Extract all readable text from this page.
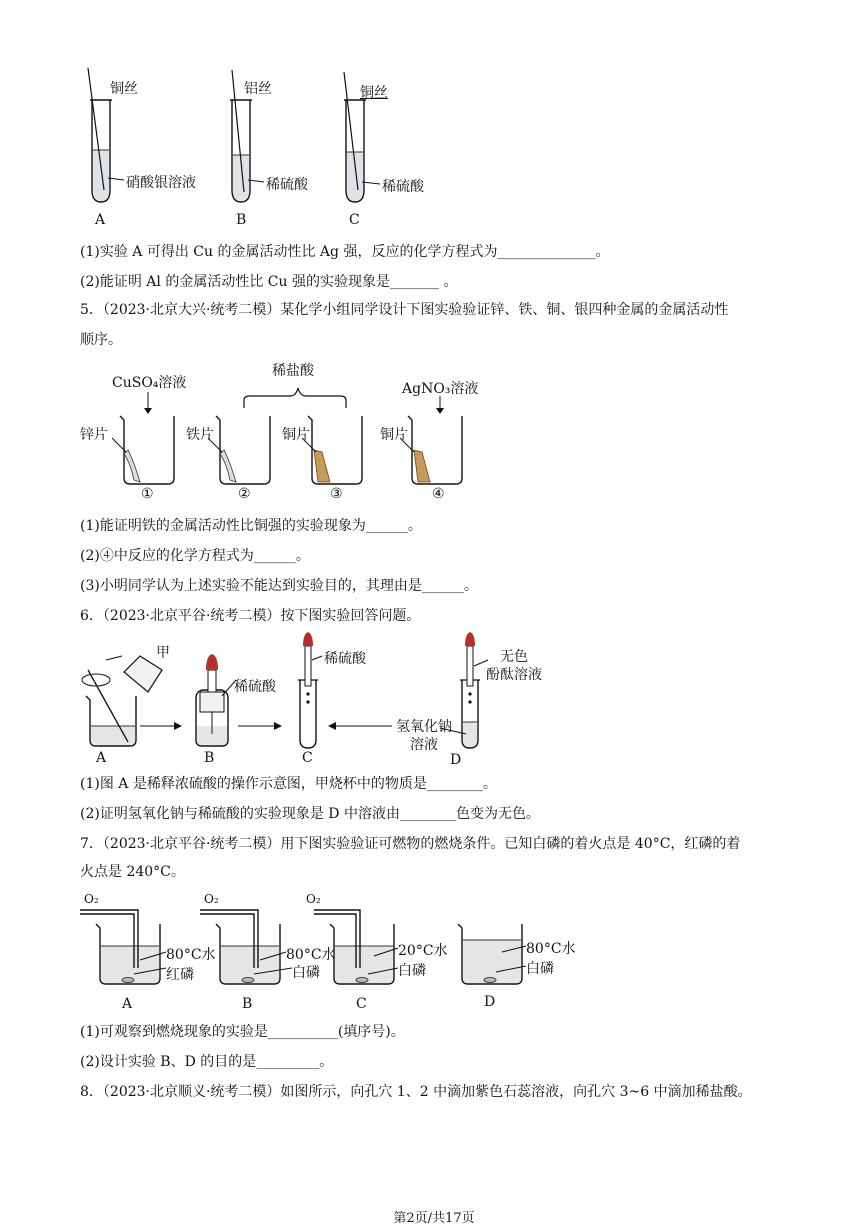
铜丝
硝酸银溶液
A
铝丝
稀硫酸
B
铜丝
稀硫酸
C
(1)实验 A 可得出 Cu 的金属活动性比 Ag 强，反应的化学方程式为______________。
(2)能证明 Al 的金属活动性比 Cu 强的实验现象是_______ 。
5．（2023·北京大兴·统考二模）某化学小组同学设计下图实验验证锌、铁、铜、银四种金属的金属活动性
顺序。
CuSO₄溶液
稀盐酸
AgNO₃溶液
锌片	铁片	铜片	铜片
①	②	③	④
(1)能证明铁的金属活动性比铜强的实验现象为______。
(2)④中反应的化学方程式为______。
(3)小明同学认为上述实验不能达到实验目的，其理由是______。
6．（2023·北京平谷·统考二模）按下图实验回答问题。
甲
稀硫酸
稀硫酸
氢氧化钠
溶液
无色
酚酞溶液
A	B	C	D
(1)图 A 是稀释浓硫酸的操作示意图，甲烧杯中的物质是________。
(2)证明氢氧化钠与稀硫酸的实验现象是 D 中溶液由________色变为无色。
7．（2023·北京平谷·统考二模）用下图实验验证可燃物的燃烧条件。已知白磷的着火点是 40°C，红磷的着
火点是 240°C。
O₂	O₂	O₂
80°C水
红磷
80°C水
白磷
20°C水
白磷
80°C水
白磷
A	B	C	D
(1)可观察到燃烧现象的实验是__________(填序号)。
(2)设计实验 B、D 的目的是_________。
8．（2023·北京顺义·统考二模）如图所示，向孔穴 1、2 中滴加紫色石蕊溶液，向孔穴 3~6 中滴加稀盐酸。
第2页/共17页
